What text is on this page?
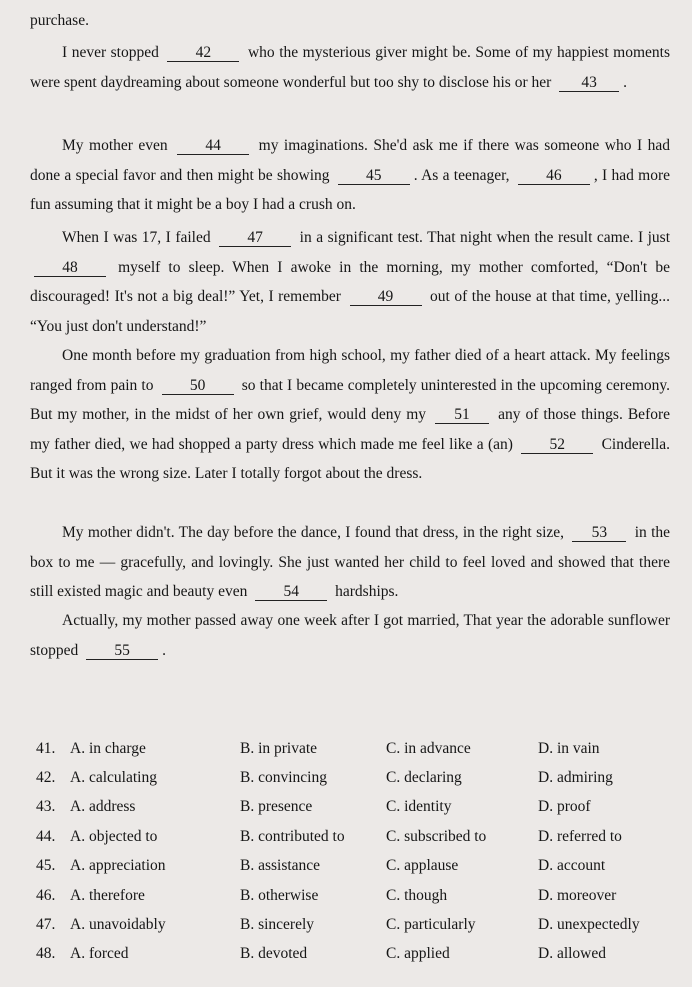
purchase.
I never stopped 42 who the mysterious giver might be. Some of my happiest moments were spent daydreaming about someone wonderful but too shy to disclose his or her 43 .
My mother even 44 my imaginations. She'd ask me if there was someone who I had done a special favor and then might be showing 45 . As a teenager, 46 , I had more fun assuming that it might be a boy I had a crush on.
When I was 17, I failed 47 in a significant test. That night when the result came. I just 48	myself to sleep. When I awoke in the morning, my mother comforted, “Don't be discouraged! It's not a big deal!” Yet, I remember 49 out of the house at that time, yelling... “You just don't understand!”
One month before my graduation from high school, my father died of a heart attack. My feelings ranged from pain to 50 so that I became completely uninterested in the upcoming ceremony. But my mother, in the midst of her own grief, would deny my 51 any of those things. Before my father died, we had shopped a party dress which made me feel like a (an) 52 Cinderella. But it was the wrong size. Later I totally forgot about the dress.
My mother didn't. The day before the dance, I found that dress, in the right size, 53 in the box to me — gracefully, and lovingly. She just wanted her child to feel loved and showed that there still existed magic and beauty even 54 hardships.
Actually, my mother passed away one week after I got married, That year the adorable sunflower stopped 55 .
41. A. in charge	B. in private	C. in advance	D. in vain
42. A. calculating	B. convincing	C. declaring	D. admiring
43. A. address	B. presence	C. identity	D. proof
44. A. objected to	B. contributed to	C. subscribed to	D. referred to
45. A. appreciation	B. assistance	C. applause	D. account
46. A. therefore	B. otherwise	C. though	D. moreover
47. A. unavoidably	B. sincerely	C. particularly	D. unexpectedly
48. A. forced	B. devoted	C. applied	D. allowed
